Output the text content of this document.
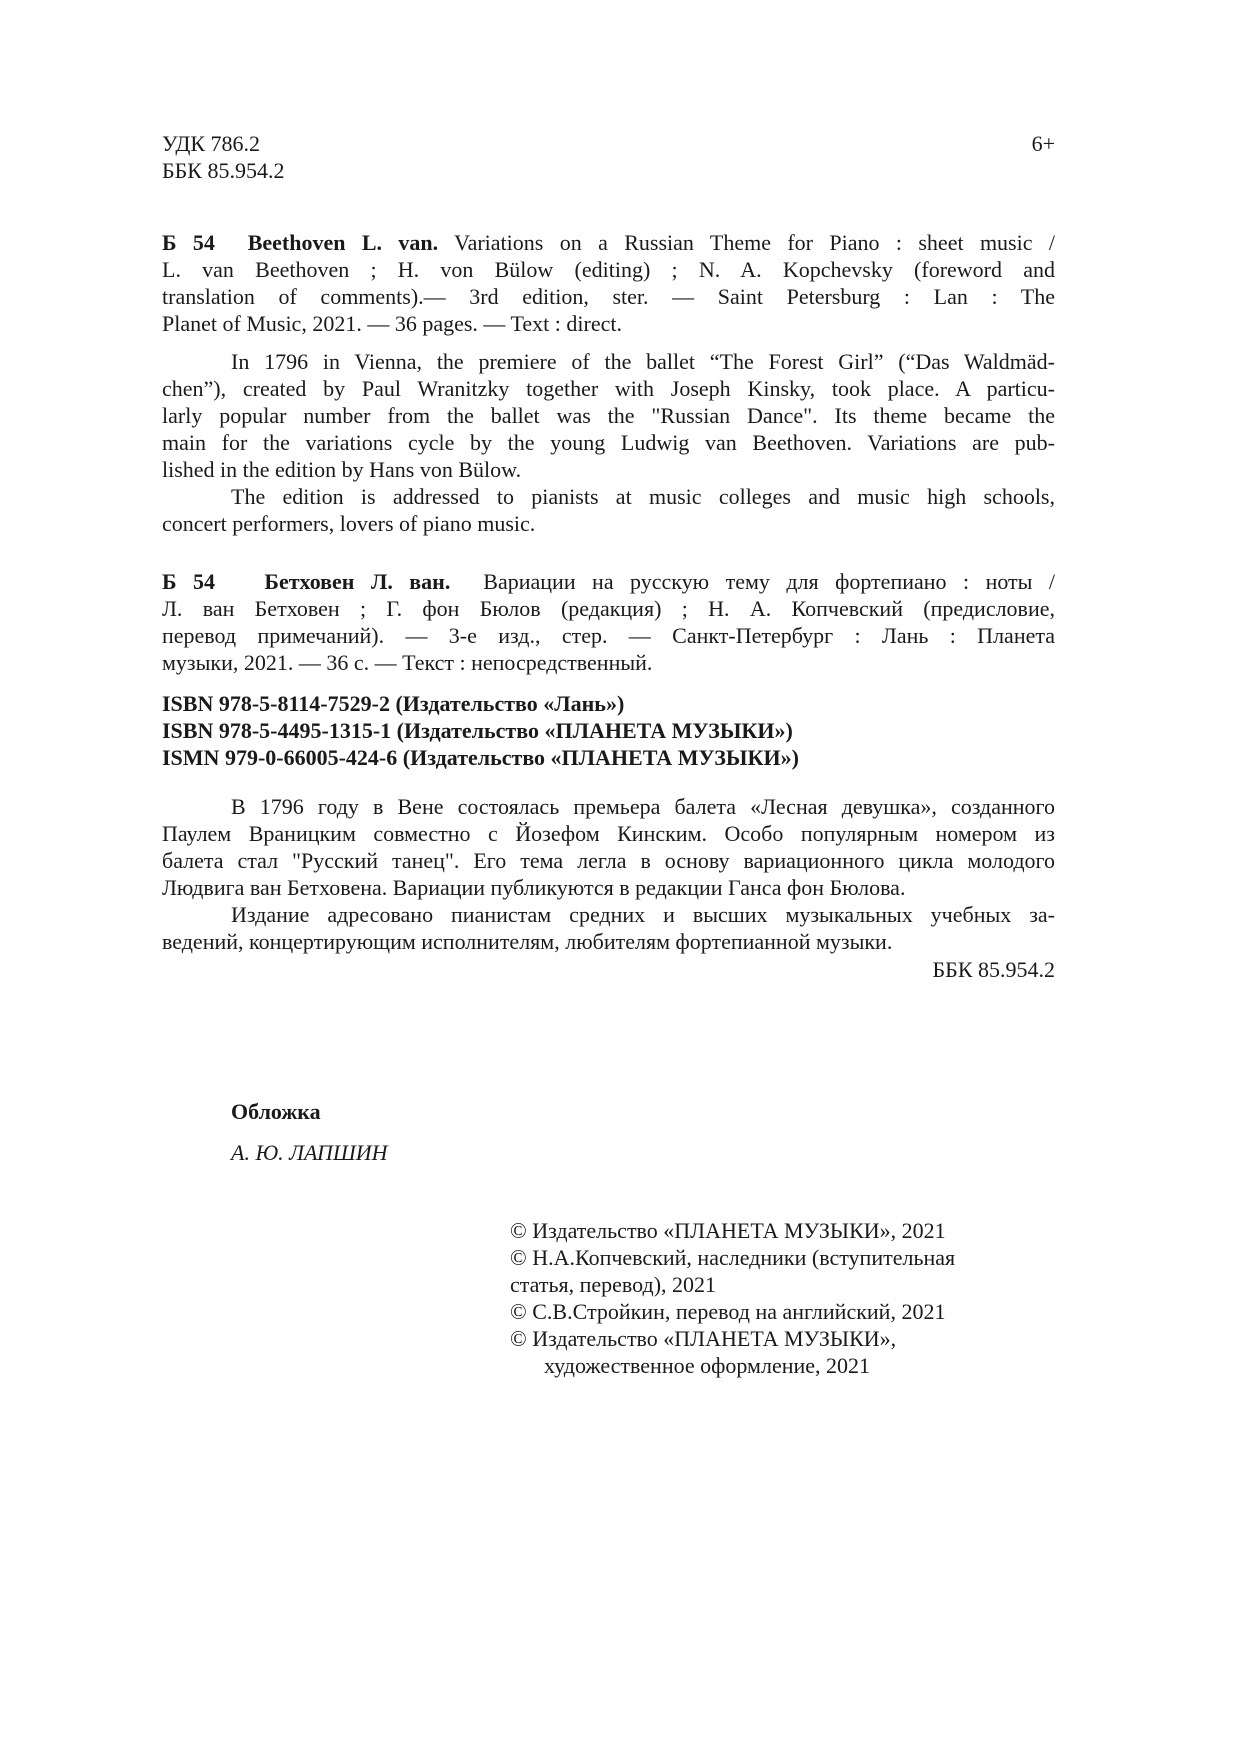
УДК 786.2
ББК 85.954.2
6+
Б 54 Beethoven L. van. Variations on a Russian Theme for Piano : sheet music /
L. van Beethoven ; H. von Bülow (editing) ; N. A. Kopchevsky (foreword and
translation of comments).— 3rd edition, ster. — Saint Petersburg : Lan : The
Planet of Music, 2021. — 36 pages. — Text : direct.
In 1796 in Vienna, the premiere of the ballet “The Forest Girl” (“Das Waldmäd-
chen”), created by Paul Wranitzky together with Joseph Kinsky, took place. A particu-
larly popular number from the ballet was the "Russian Dance". Its theme became the
main for the variations cycle by the young Ludwig van Beethoven. Variations are pub-
lished in the edition by Hans von Bülow.
The edition is addressed to pianists at music colleges and music high schools,
concert performers, lovers of piano music.
Б 54 Бетховен Л. ван. Вариации на русскую тему для фортепиано : ноты /
Л. ван Бетховен ; Г. фон Бюлов (редакция) ; Н. А. Копчевский (предисловие,
перевод примечаний). — 3-е изд., стер. — Санкт-Петербург : Лань : Планета
музыки, 2021. — 36 с. — Текст : непосредственный.
ISBN 978-5-8114-7529-2 (Издательство «Лань»)
ISBN 978-5-4495-1315-1 (Издательство «ПЛАНЕТА МУЗЫКИ»)
ISMN 979-0-66005-424-6 (Издательство «ПЛАНЕТА МУЗЫКИ»)
В 1796 году в Вене состоялась премьера балета «Лесная девушка», созданного
Паулем Враницким совместно с Йозефом Кинским. Особо популярным номером из
балета стал "Русский танец". Его тема легла в основу вариационного цикла молодого
Людвига ван Бетховена. Вариации публикуются в редакции Ганса фон Бюлова.
Издание адресовано пианистам средних и высших музыкальных учебных за-
ведений, концертирующим исполнителям, любителям фортепианной музыки.
ББК 85.954.2
Обложка
А. Ю. ЛАПШИН
© Издательство «ПЛАНЕТА МУЗЫКИ», 2021
© Н.А.Копчевский, наследники (вступительная
статья, перевод), 2021
© С.В.Стройкин, перевод на английский, 2021
© Издательство «ПЛАНЕТА МУЗЫКИ»,
художественное оформление, 2021
